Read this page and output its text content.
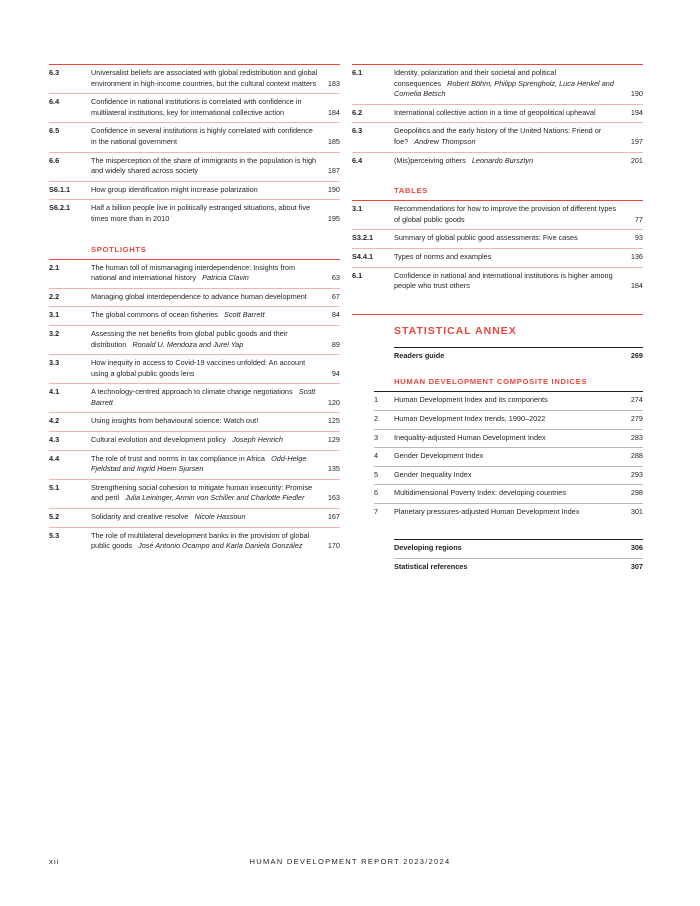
6.3	Universalist beliefs are associated with global redistribution and global environment in high-income countries, but the cultural context matters	183
6.4	Confidence in national institutions is correlated with confidence in multilateral institutions, key for international collective action	184
6.5	Confidence in several institutions is highly correlated with confidence in the national government	185
6.6	The misperception of the share of immigrants in the population is high and widely shared across society	187
S6.1.1	How group identification might increase polarization	190
S6.2.1	Half a billion people live in politically estranged situations, about five times more than in 2010	195
SPOTLIGHTS
2.1	The human toll of mismanaging interdependence: Insights from national and international history Patricia Clavin	63
2.2	Managing global interdependence to advance human development	67
3.1	The global commons of ocean fisheries Scott Barrett	84
3.2	Assessing the net benefits from global public goods and their distribution Ronald U. Mendoza and Jurel Yap	89
3.3	How inequity in access to Covid-19 vaccines unfolded: An account using a global public goods lens	94
4.1	A technology-centred approach to climate change negotiations Scott Barrett	120
4.2	Using insights from behavioural science: Watch out!	125
4.3	Cultural evolution and development policy Joseph Henrich	129
4.4	The role of trust and norms in tax compliance in Africa Odd-Helge Fjeldstad and Ingrid Hoem Sjursen	135
5.1	Strengthening social cohesion to mitigate human insecurity: Promise and peril Julia Leininger, Armin von Schiller and Charlotte Fiedler	163
5.2	Solidarity and creative resolve Nicole Hassoun	167
5.3	The role of multilateral development banks in the provision of global public goods José Antonio Ocampo and Karla Daniela González	170
6.1	Identity, polarization and their societal and political consequences Robert Böhm, Philipp Sprengholz, Luca Henkel and Cornelia Betsch	190
6.2	International collective action in a time of geopolitical upheaval	194
6.3	Geopolitics and the early history of the United Nations: Friend or foe? Andrew Thompson	197
6.4	(Mis)perceiving others Leonardo Bursztyn	201
TABLES
3.1	Recommendations for how to improve the provision of different types of global public goods	77
S3.2.1	Summary of global public good assessments: Five cases	93
S4.4.1	Types of norms and examples	136
6.1	Confidence in national and international institutions is higher among people who trust others	184
STATISTICAL ANNEX
Readers guide	269
HUMAN DEVELOPMENT COMPOSITE INDICES
1	Human Development Index and its components	274
2	Human Development Index trends, 1990–2022	279
3	Inequality-adjusted Human Development Index	283
4	Gender Development Index	288
5	Gender Inequality Index	293
6	Multidimensional Poverty Index: developing countries	298
7	Planetary pressures-adjusted Human Development Index	301
Developing regions	306
Statistical references	307
xii	HUMAN DEVELOPMENT REPORT 2023/2024
